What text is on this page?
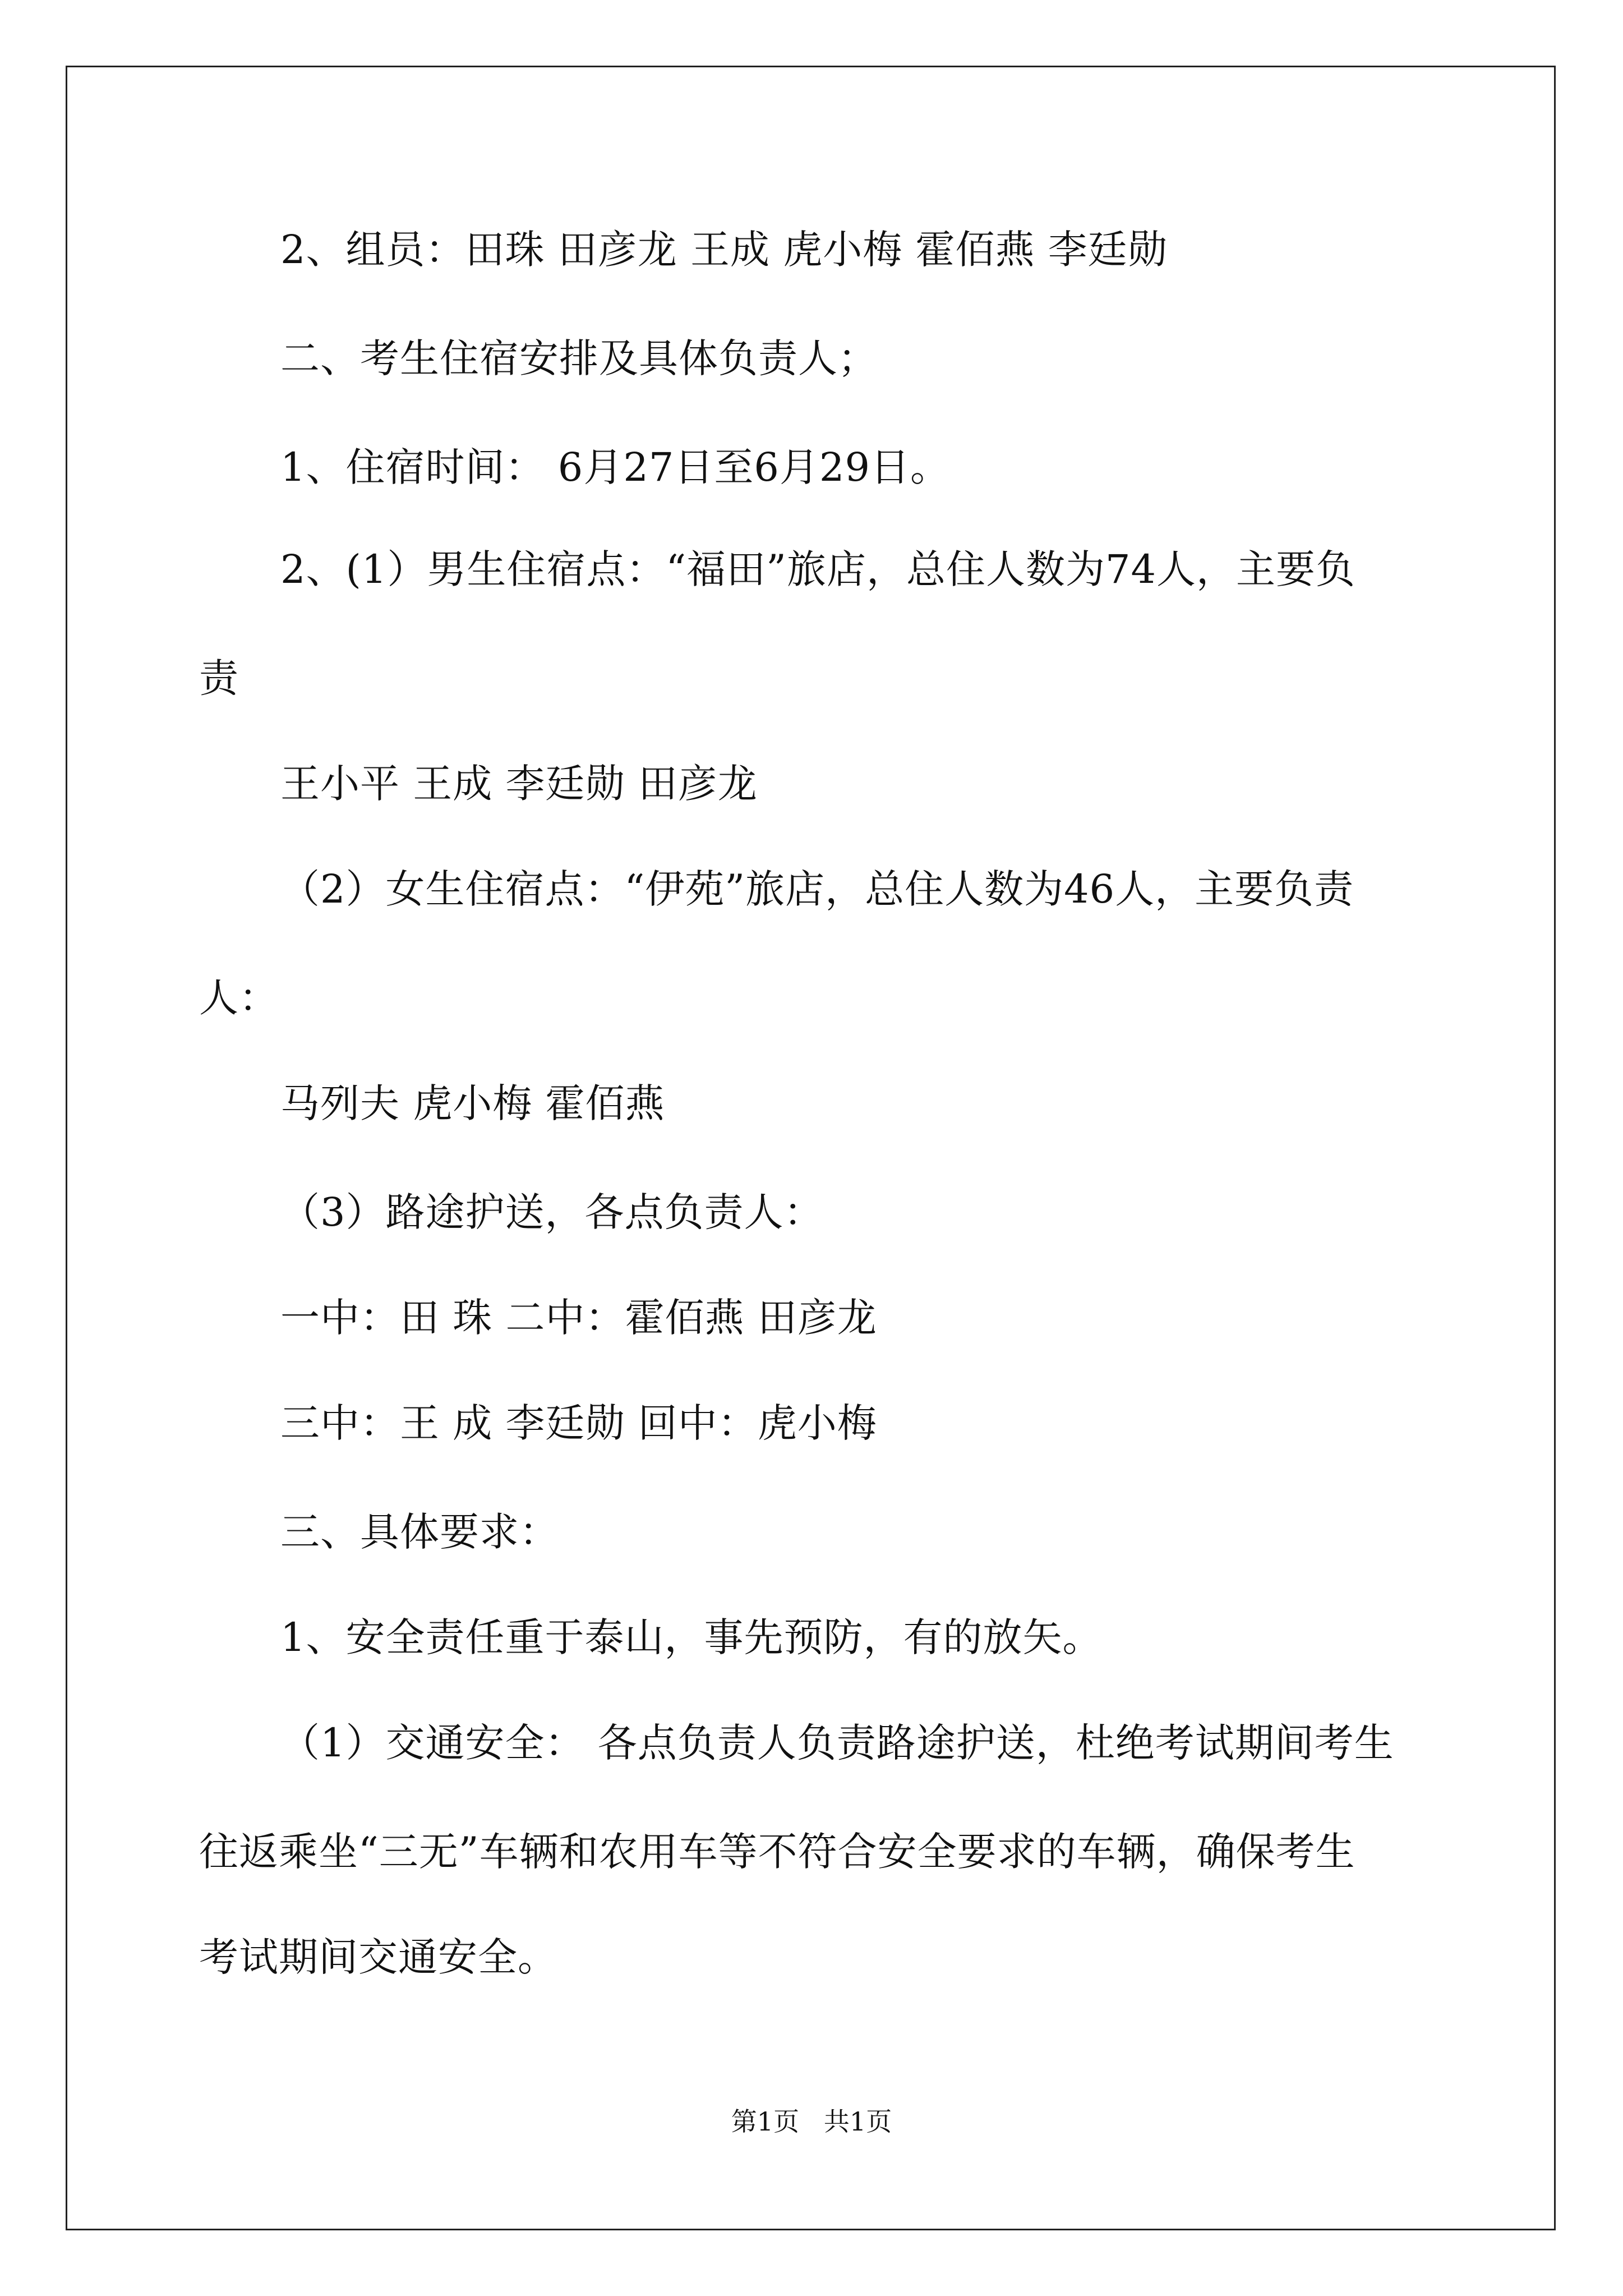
2、组员：田珠 田彦龙 王成 虎小梅 霍佰燕 李廷勋
二、考生住宿安排及具体负责人；
1、住宿时间： 6月27日至6月29日。
2、(1）男生住宿点：“福田”旅店，总住人数为74人，主要负
责
王小平 王成 李廷勋 田彦龙
（2）女生住宿点：“伊苑”旅店，总住人数为46人，主要负责
人：
马列夫 虎小梅 霍佰燕
（3）路途护送，各点负责人：
一中：田 珠 二中：霍佰燕 田彦龙
三中：王 成 李廷勋 回中：虎小梅
三、具体要求：
1、安全责任重于泰山，事先预防，有的放矢。
（1）交通安全： 各点负责人负责路途护送，杜绝考试期间考生
往返乘坐“三无”车辆和农用车等不符合安全要求的车辆，确保考生
考试期间交通安全。
第1页   共1页
